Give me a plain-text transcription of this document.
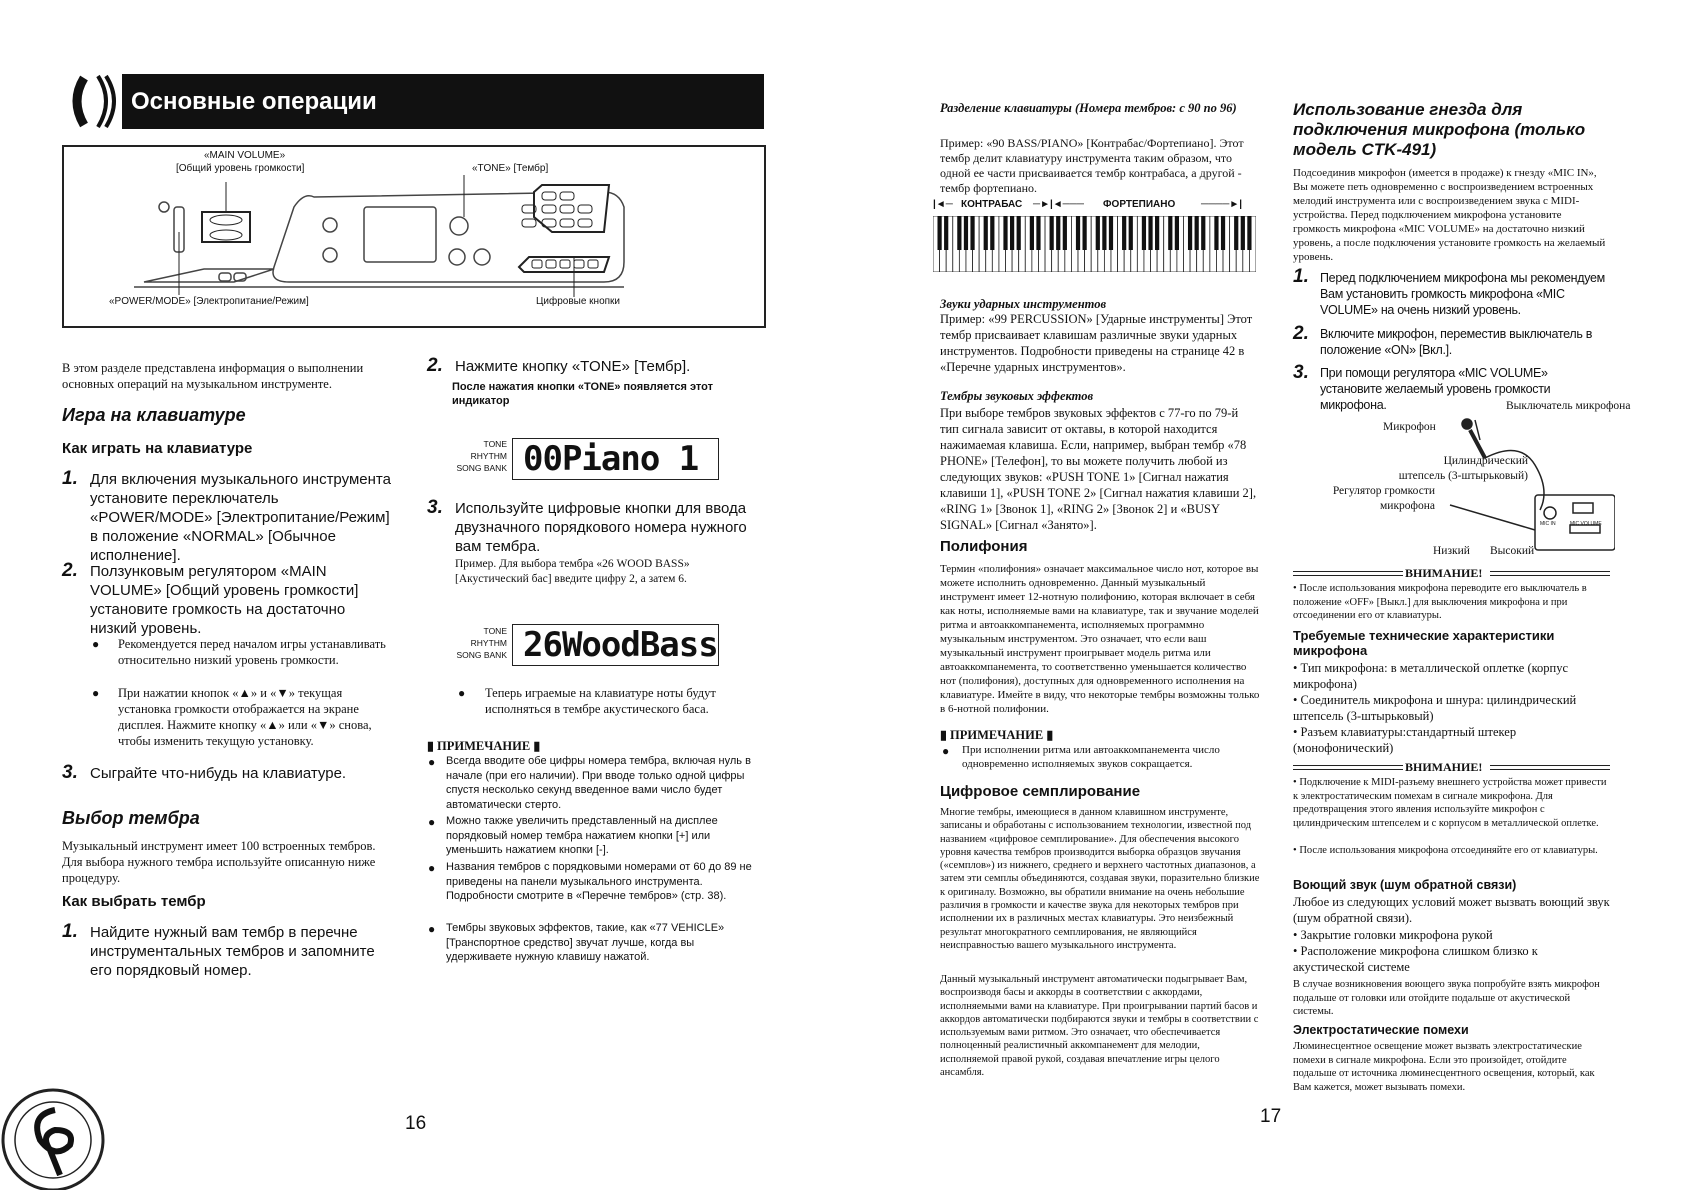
Основные операции
«MAIN VOLUME»
[Общий уровень громкости]	«TONE» [Тембр]
«POWER/MODE» [Электропитание/Режим]	Цифровые кнопки

В этом разделе представлена информация о выполнении основных операций на музыкальном инструменте.

Игра на клавиатуре
Как играть на клавиатуре
1. Для включения музыкального инструмента установите переключатель «POWER/MODE» [Электропитание/Режим] в положение «NORMAL» [Обычное исполнение].

2. Ползунковым регулятором «MAIN VOLUME» [Общий уровень громкости] установите громкость на достаточно низкий уровень.

● Рекомендуется перед началом игры устанавливать относительно низкий уровень громкости.

● При нажатии кнопок «▲» и «▼» текущая установка громкости отображается на экране дисплея. Нажмите кнопку «▲» или «▼» снова, чтобы изменить текущую установку.

3. Сыграйте что-нибудь на клавиатуре.

Выбор тембра

Музыкальный инструмент имеет 100 встроенных тембров. Для выбора нужного тембра используйте описанную ниже процедуру.

Как выбрать тембр
1. Найдите нужный вам тембр в перечне инструментальных тембров и запомните его порядковый номер.

2. Нажмите кнопку «TONE» [Тембр].

После нажатия кнопки «TONE» появляется этот индикатор

TONE
RHYTHM
SONG BANK 00Piano 1
3. Используйте цифровые кнопки для ввода двузначного порядкового номера нужного вам тембра.

Пример. Для выбора тембра «26 WOOD BASS» [Акустический бас] введите цифру 2, а затем 6.

TONE
RHYTHM
SONG BANK 26WoodBass
● Теперь играемые на клавиатуре ноты будут исполняться в тембре акустического баса.

▮ ПРИМЕЧАНИЕ ▮
● Всегда вводите обе цифры номера тембра, включая нуль в начале (при его наличии). При вводе только одной цифры спустя несколько секунд введенное вами число будет автоматически стерто.

● Можно также увеличить представленный на дисплее порядковый номер тембра нажатием кнопки [+] или уменьшить нажатием кнопки [-].

● Названия тембров с порядковыми номерами от 60 до 89 не приведены на панели музыкального инструмента. Подробности смотрите в «Перечне тембров» (стр. 38).

● Тембры звуковых эффектов, такие, как «77 VEHICLE» [Транспортное средство] звучат лучше, когда вы удерживаете нужную клавишу нажатой.

16

Разделение клавиатуры (Номера тембров: с 90 по 96)

Пример: «90 BASS/PIANO» [Контрабас/Фортепиано]. Этот тембр делит клавиатуру инструмента таким образом, что одной ее части присваивается тембр контрабаса, а другой - тембр фортепиано.

|◄─ КОНТРАБАС ─►|◄─── ФОРТЕПИАНО	────►|

Звуки ударных инструментов

Пример: «99 PERCUSSION» [Ударные инструменты] Этот тембр присваивает клавишам различные звуки ударных инструментов. Подробности приведены на странице 42 в «Перечне ударных инструментов».

Тембры звуковых эффектов

При выборе тембров звуковых эффектов с 77-го по 79-й тип сигнала зависит от октавы, в которой находится нажимаемая клавиша. Если, например, выбран тембр «78 PHONE» [Телефон], то вы можете получить любой из следующих звуков: «PUSH TONE 1» [Сигнал нажатия клавиши 1], «PUSH TONE 2» [Сигнал нажатия клавиши 2], «RING 1» [Звонок 1], «RING 2» [Звонок 2] и «BUSY SIGNAL» [Сигнал «Занято»].

Полифония

Термин «полифония» означает максимальное число нот, которое вы можете исполнить одновременно. Данный музыкальный инструмент имеет 12-нотную полифонию, которая включает в себя как ноты, исполняемые вами на клавиатуре, так и звучание моделей ритма и автоаккомпанемента, исполняемых программно музыкальным инструментом. Это означает, что если ваш музыкальный инструмент проигрывает модель ритма или автоаккомпанемента, то соответственно уменьшается количество нот (полифония), доступных для одновременного исполнения на клавиатуре. Имейте в виду, что некоторые тембры возможны только в 6-нотной полифонии.

▮ ПРИМЕЧАНИЕ ▮
● При исполнении ритма или автоаккомпанемента число одновременно исполняемых звуков сокращается.

Цифровое семплирование

Многие тембры, имеющиеся в данном клавишном инструменте, записаны и обработаны с использованием технологии, известной под названием «цифровое семплирование». Для обеспечения высокого уровня качества тембров производится выборка образцов звучания («семплов») из нижнего, среднего и верхнего частотных диапазонов, а затем эти семплы объединяются, создавая звуки, поразительно близкие к оригиналу. Возможно, вы обратили внимание на очень небольшие различия в громкости и качестве звука для некоторых тембров при исполнении их в различных местах клавиатуры. Это неизбежный результат многократного семплирования, не являющийся неисправностью вашего музыкального инструмента.

Данный музыкальный инструмент автоматически подыгрывает Вам, воспроизводя басы и аккорды в соответствии с аккордами, исполняемыми вами на клавиатуре. При проигрывании партий басов и аккордов автоматически подбираются звуки и тембры в соответствии с используемым вами ритмом. Это означает, что обеспечивается полноценный реалистичный аккомпанемент для мелодии, исполняемой правой рукой, создавая впечатление игры целого ансамбля.

17

Использование гнезда для подключения микрофона (только модель CTK-491)

Подсоединив микрофон (имеется в продаже) к гнезду «MIC IN», Вы можете петь одновременно с воспроизведением встроенных мелодий инструмента или с воспроизведением звука с MIDI-устройства. Перед подключением микрофона установите громкость микрофона «MIC VOLUME» на достаточно низкий уровень, а после подключения установите громкость на желаемый уровень.

1. Перед подключением микрофона мы рекомендуем Вам установить громкость микрофона «MIC VOLUME» на очень низкий уровень.

2. Включите микрофон, переместив выключатель в положение «ON» [Вкл.].

3. При помощи регулятора «MIC VOLUME» установите желаемый уровень громкости микрофона.	Выключатель микрофона
Микрофон

Цилиндрический штепсель (3-штырьковый)

Регулятор громкости микрофона

Низкий Высокий
MIC IN	MIC VOLUME
ВНИМАНИЕ!

• После использования микрофона переводите его выключатель в положение «OFF» [Выкл.] для выключения микрофона и при отсоединении его от клавиатуры.

Требуемые технические характеристики микрофона

• Тип микрофона: в металлической оплетке (корпус микрофона)

• Соединитель микрофона и шнура: цилиндрический штепсель (3-штырьковый)

• Разъем клавиатуры:стандартный штекер (монофонический)

ВНИМАНИЕ!

• Подключение к MIDI-разъему внешнего устройства может привести к электростатическим помехам в сигнале микрофона. Для предотвращения этого явления используйте микрофон с цилиндрическим штепселем и с корпусом в металлической оплетке.

• После использования микрофона отсоединяйте его от клавиатуры.

Воющий звук (шум обратной связи)

Любое из следующих условий может вызвать воющий звук (шум обратной связи).

• Закрытие головки микрофона рукой

• Расположение микрофона слишком близко к акустической системе

В случае возникновения воющего звука попробуйте взять микрофон подальше от головки или отойдите подальше от акустической системы.

Электростатические помехи

Люминесцентное освещение может вызвать электростатические помехи в сигнале микрофона. Если это произойдет, отойдите подальше от источника люминесцентного освещения, который, как Вам кажется, может вызывать помехи.
